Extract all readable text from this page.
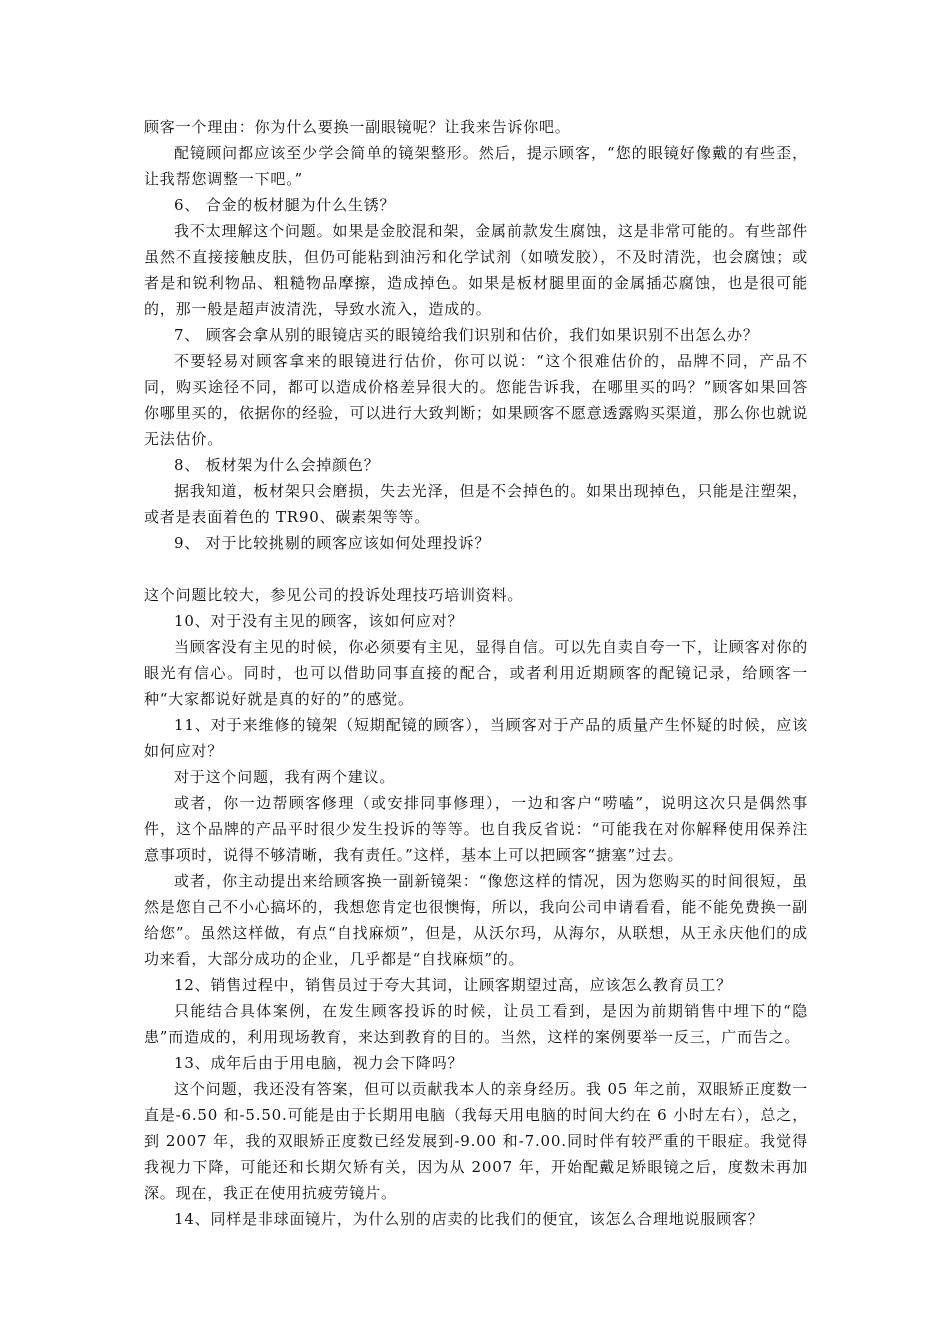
顾客一个理由：你为什么要换一副眼镜呢？让我来告诉你吧。

配镜顾问都应该至少学会简单的镜架整形。然后，提示顾客，“您的眼镜好像戴的有些歪，让我帮您调整一下吧。”

6、 合金的板材腿为什么生锈？

我不太理解这个问题。如果是金胶混和架，金属前款发生腐蚀，这是非常可能的。有些部件虽然不直接接触皮肤，但仍可能粘到油污和化学试剂（如喷发胶），不及时清洗，也会腐蚀；或者是和锐利物品、粗糙物品摩擦，造成掉色。如果是板材腿里面的金属插芯腐蚀，也是很可能的，那一般是超声波清洗，导致水流入，造成的。

7、 顾客会拿从别的眼镜店买的眼镜给我们识别和估价，我们如果识别不出怎么办？

不要轻易对顾客拿来的眼镜进行估价，你可以说：“这个很难估价的，品牌不同，产品不同，购买途径不同，都可以造成价格差异很大的。您能告诉我，在哪里买的吗？”顾客如果回答你哪里买的，依据你的经验，可以进行大致判断；如果顾客不愿意透露购买渠道，那么你也就说无法估价。

8、 板材架为什么会掉颜色？

据我知道，板材架只会磨损，失去光泽，但是不会掉色的。如果出现掉色，只能是注塑架，或者是表面着色的 TR90、碳素架等等。

9、 对于比较挑剔的顾客应该如何处理投诉？

这个问题比较大，参见公司的投诉处理技巧培训资料。

10、对于没有主见的顾客，该如何应对？

当顾客没有主见的时候，你必须要有主见，显得自信。可以先自卖自夸一下，让顾客对你的眼光有信心。同时，也可以借助同事直接的配合，或者利用近期顾客的配镜记录，给顾客一种“大家都说好就是真的好的”的感觉。

11、对于来维修的镜架（短期配镜的顾客），当顾客对于产品的质量产生怀疑的时候，应该如何应对？

对于这个问题，我有两个建议。

或者，你一边帮顾客修理（或安排同事修理），一边和客户“唠嗑”，说明这次只是偶然事件，这个品牌的产品平时很少发生投诉的等等。也自我反省说：“可能我在对你解释使用保养注意事项时，说得不够清晰，我有责任。”这样，基本上可以把顾客“搪塞”过去。

或者，你主动提出来给顾客换一副新镜架：“像您这样的情况，因为您购买的时间很短，虽然是您自己不小心搞坏的，我想您肯定也很懊悔，所以，我向公司申请看看，能不能免费换一副给您”。虽然这样做，有点“自找麻烦”，但是，从沃尔玛，从海尔，从联想，从王永庆他们的成功来看，大部分成功的企业，几乎都是“自找麻烦”的。

12、销售过程中，销售员过于夸大其词，让顾客期望过高，应该怎么教育员工？

只能结合具体案例，在发生顾客投诉的时候，让员工看到，是因为前期销售中埋下的“隐患”而造成的，利用现场教育，来达到教育的目的。当然，这样的案例要举一反三，广而告之。

13、成年后由于用电脑，视力会下降吗？

这个问题，我还没有答案，但可以贡献我本人的亲身经历。我 05 年之前，双眼矫正度数一直是-6.50 和-5.50.可能是由于长期用电脑（我每天用电脑的时间大约在 6 小时左右），总之，到 2007 年，我的双眼矫正度数已经发展到-9.00 和-7.00.同时伴有较严重的干眼症。我觉得我视力下降，可能还和长期欠矫有关，因为从 2007 年，开始配戴足矫眼镜之后，度数未再加深。现在，我正在使用抗疲劳镜片。

14、同样是非球面镜片，为什么别的店卖的比我们的便宜，该怎么合理地说服顾客？
